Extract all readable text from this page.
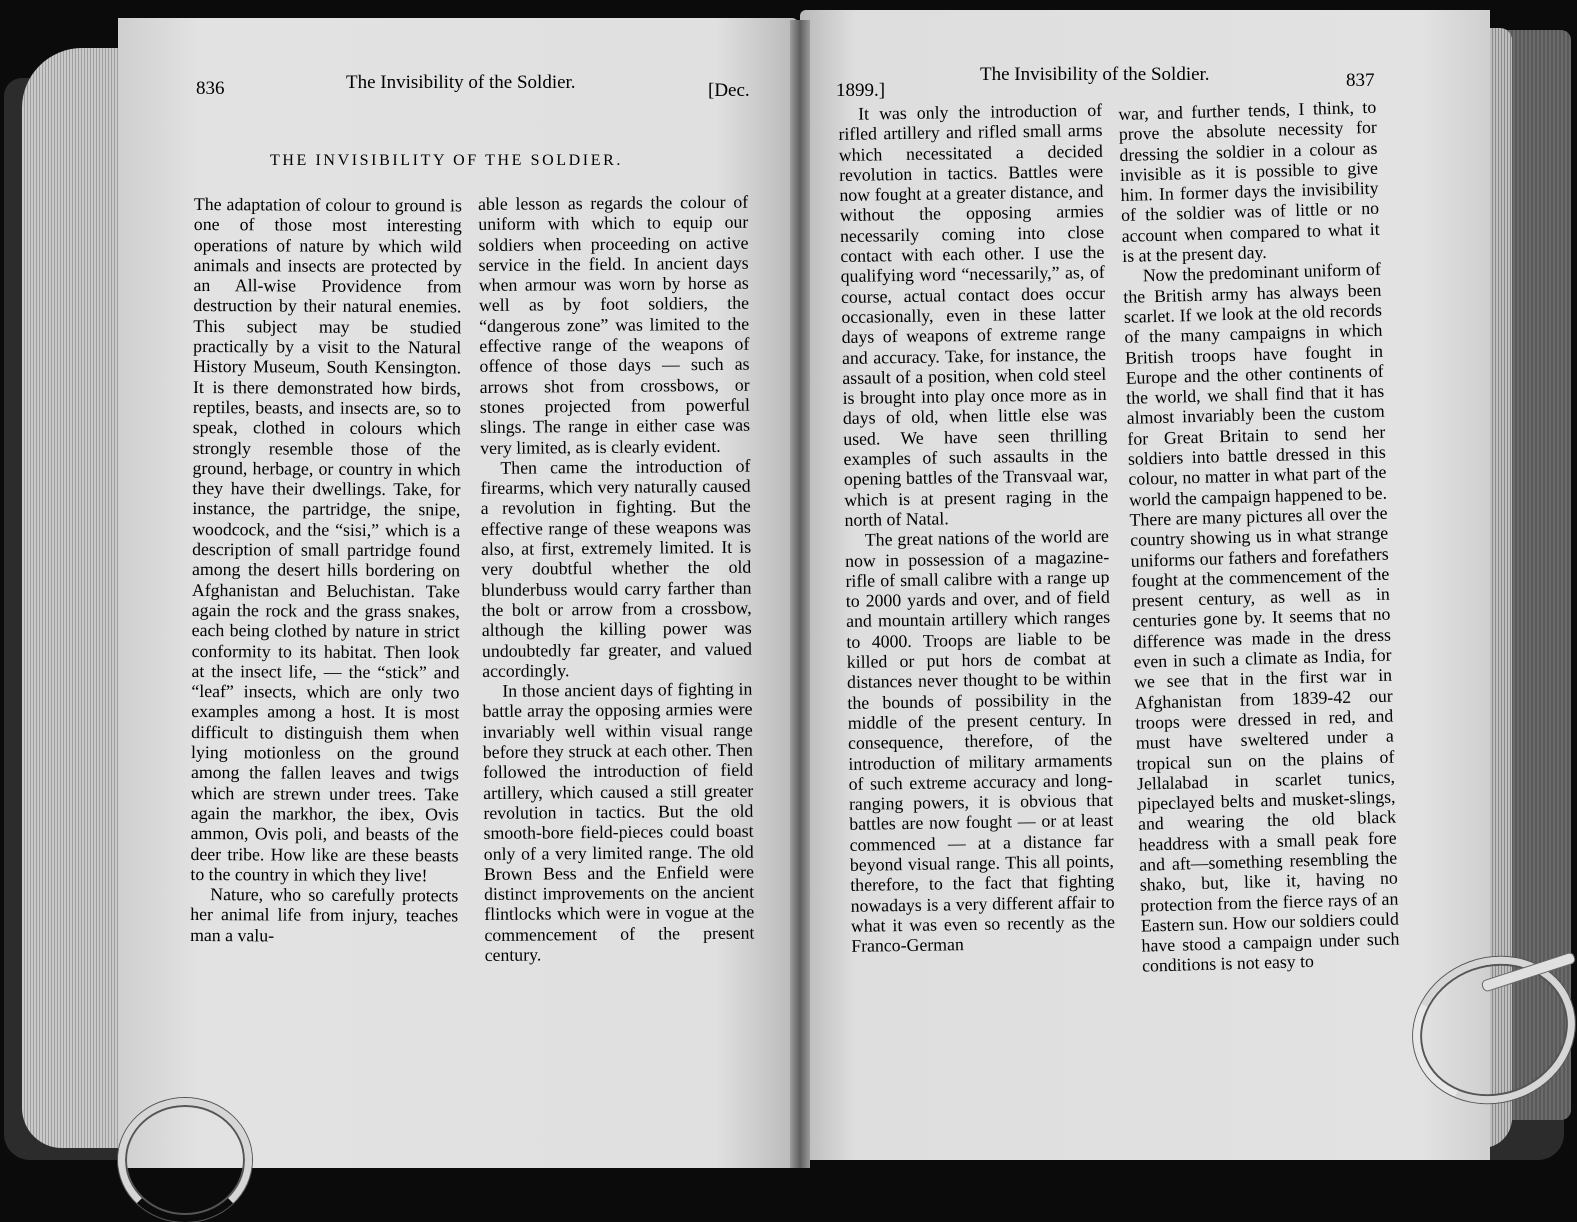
836	The Invisibility of the Soldier.	[Dec.
THE INVISIBILITY OF THE SOLDIER.

The adaptation of colour to ground is one of those most interesting operations of nature by which wild animals and insects are protected by an All-wise Providence from destruction by their natural enemies. This subject may be studied practically by a visit to the Natural History Museum, South Kensington. It is there demonstrated how birds, reptiles, beasts, and insects are, so to speak, clothed in colours which strongly resemble those of the ground, herbage, or country in which they have their dwellings. Take, for instance, the partridge, the snipe, woodcock, and the “sisi,” which is a description of small partridge found among the desert hills bordering on Afghanistan and Beluchistan. Take again the rock and the grass snakes, each being clothed by nature in strict conformity to its habitat. Then look at the insect life, — the “stick” and “leaf” insects, which are only two examples among a host. It is most difficult to distinguish them when lying motionless on the ground among the fallen leaves and twigs which are strewn under trees. Take again the markhor, the ibex, Ovis ammon, Ovis poli, and beasts of the deer tribe. How like are these beasts to the country in which they live!

Nature, who so carefully protects her animal life from injury, teaches man a valu-

able lesson as regards the colour of uniform with which to equip our soldiers when proceeding on active service in the field. In ancient days when armour was worn by horse as well as by foot soldiers, the “dangerous zone” was limited to the effective range of the weapons of offence of those days — such as arrows shot from crossbows, or stones projected from powerful slings. The range in either case was very limited, as is clearly evident.

Then came the introduction of firearms, which very naturally caused a revolution in fighting. But the effective range of these weapons was also, at first, extremely limited. It is very doubtful whether the old blunderbuss would carry farther than the bolt or arrow from a crossbow, although the killing power was undoubtedly far greater, and valued accordingly.

In those ancient days of fighting in battle array the opposing armies were invariably well within visual range before they struck at each other. Then followed the introduction of field artillery, which caused a still greater revolution in tactics. But the old smooth-bore field-pieces could boast only of a very limited range. The old Brown Bess and the Enfield were distinct improvements on the ancient flintlocks which were in vogue at the commencement of the present century.

1899.]
The Invisibility of the Soldier.	837

It was only the introduction of rifled artillery and rifled small arms which necessitated a decided revolution in tactics. Battles were now fought at a greater distance, and without the opposing armies necessarily coming into close contact with each other. I use the qualifying word “necessarily,” as, of course, actual contact does occur occasionally, even in these latter days of weapons of extreme range and accuracy. Take, for instance, the assault of a position, when cold steel is brought into play once more as in days of old, when little else was used. We have seen thrilling examples of such assaults in the opening battles of the Transvaal war, which is at present raging in the north of Natal.

The great nations of the world are now in possession of a magazine-rifle of small calibre with a range up to 2000 yards and over, and of field and mountain artillery which ranges to 4000. Troops are liable to be killed or put hors de combat at distances never thought to be within the bounds of possibility in the middle of the present century. In consequence, therefore, of the introduction of military armaments of such extreme accuracy and long-ranging powers, it is obvious that battles are now fought — or at least commenced — at a distance far beyond visual range. This all points, therefore, to the fact that fighting nowadays is a very different affair to what it was even so recently as the Franco-German

war, and further tends, I think, to prove the absolute necessity for dressing the soldier in a colour as invisible as it is possible to give him. In former days the invisibility of the soldier was of little or no account when compared to what it is at the present day.

Now the predominant uniform of the British army has always been scarlet. If we look at the old records of the many campaigns in which British troops have fought in Europe and the other continents of the world, we shall find that it has almost invariably been the custom for Great Britain to send her soldiers into battle dressed in this colour, no matter in what part of the world the campaign happened to be. There are many pictures all over the country showing us in what strange uniforms our fathers and forefathers fought at the commencement of the present century, as well as in centuries gone by. It seems that no difference was made in the dress even in such a climate as India, for we see that in the first war in Afghanistan from 1839-42 our troops were dressed in red, and must have sweltered under a tropical sun on the plains of Jellalabad in scarlet tunics, pipeclayed belts and musket-slings, and wearing the old black headdress with a small peak fore and aft—something resembling the shako, but, like it, having no protection from the fierce rays of an Eastern sun. How our soldiers could have stood a campaign under such conditions is not easy to
